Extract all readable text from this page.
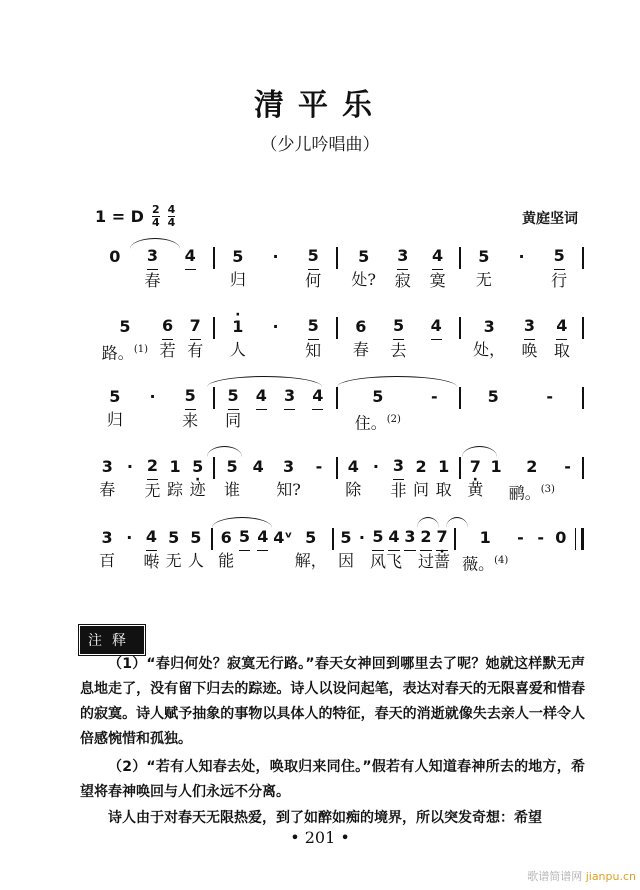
清平乐
（少儿吟唱曲）
1 = D $\frac{2}{4} \frac{4}{4}$	黄庭坚词
0 3
春
4 5
归
· 5
何
5
处?
3
寂
4
寞
5
无
· 5
行
5
路。$^{(1)}$
6
若
7
有
· 1
人
· 5
知
6
春
5
去
4	3
处，
3
唤
4
取
5
归
· 5
来
5
同
4 3 4	5
住。$^{(2)}$
-	5	-
3
春
· 2
无
1
踪
5 ·
迹
5
谁
4 3
知?
- 4
除
· 3
非
2
问
1
取
7 ·
黄
1 2
鹂。$^{(3)}$
-
3
百
· 4
啭
5
无
5
人
6
能
5 4 4ᵛ 5
解，
5
因
· 5
风
4
飞
3 2
过
7 ·
蔷
1
薇。$^{(4)}$
- - 0
注释
（1）“春归何处？寂寞无行路。”春天女神回到哪里去了呢？她就这样默无声息地走了，没有留下归去的踪迹。诗人以设问起笔，表达对春天的无限喜爱和惜春的寂寞。诗人赋予抽象的事物以具体人的特征，春天的消逝就像失去亲人一样令人倍感惋惜和孤独。
（2）“若有人知春去处，唤取归来同住。”假若有人知道春神所去的地方，希望将春神唤回与人们永远不分离。
诗人由于对春天无限热爱，到了如醉如痴的境界，所以突发奇想：希望
• 201 •
歌谱简谱网 jianpu.cn
